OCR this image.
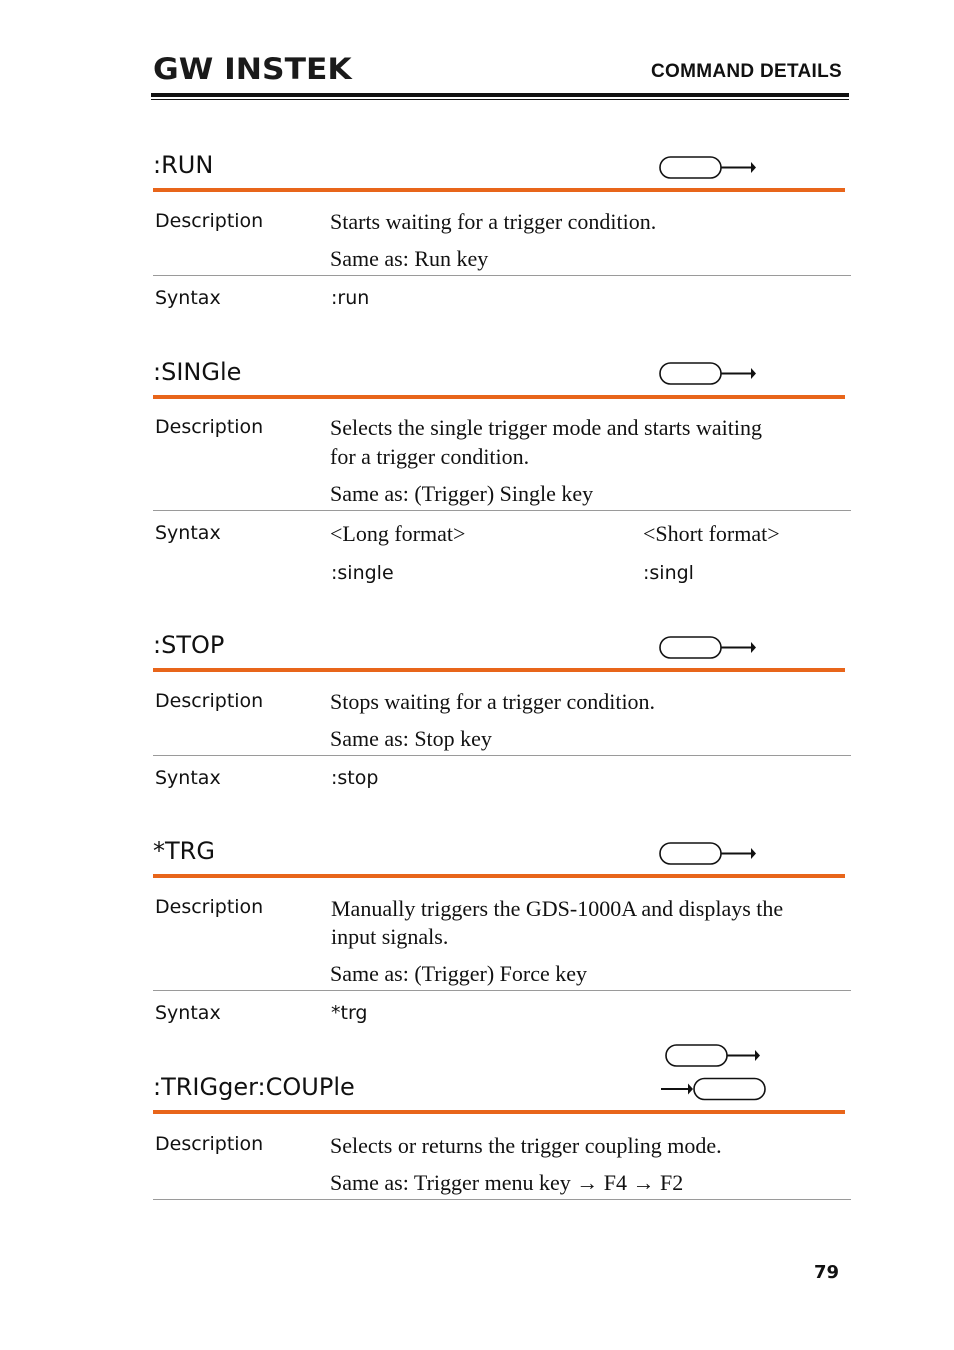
GW INSTEK	COMMAND DETAILS
:RUN
Description	Starts waiting for a trigger condition.
Same as: Run key
Syntax	:run
:SINGle
Description	Selects the single trigger mode and starts waiting
for a trigger condition.
Same as: (Trigger) Single key
Syntax	<Long format>	<Short format>
:single	:singl
:STOP
Description	Stops waiting for a trigger condition.
Same as: Stop key
Syntax	:stop
*TRG
Description	Manually triggers the GDS-1000A and displays the
input signals.
Same as: (Trigger) Force key
Syntax	*trg
:TRIGger:COUPle
Description	Selects or returns the trigger coupling mode.
Same as: Trigger menu key → F4 → F2
79
